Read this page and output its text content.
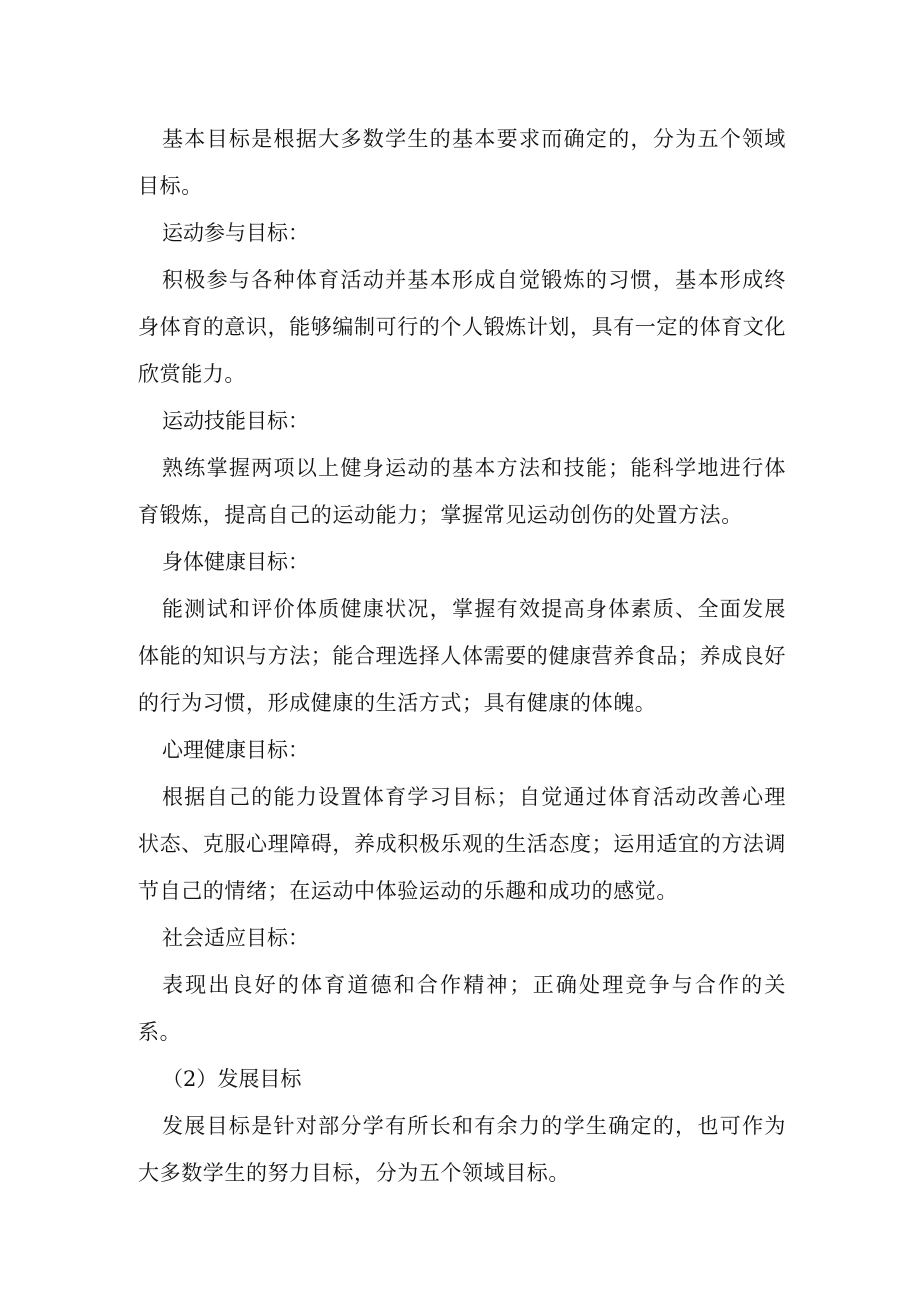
基本目标是根据大多数学生的基本要求而确定的，分为五个领域目标。

运动参与目标：

积极参与各种体育活动并基本形成自觉锻炼的习惯，基本形成终身体育的意识，能够编制可行的个人锻炼计划，具有一定的体育文化欣赏能力。

运动技能目标：

熟练掌握两项以上健身运动的基本方法和技能；能科学地进行体育锻炼，提高自己的运动能力；掌握常见运动创伤的处置方法。

身体健康目标：

能测试和评价体质健康状况，掌握有效提高身体素质、全面发展体能的知识与方法；能合理选择人体需要的健康营养食品；养成良好的行为习惯，形成健康的生活方式；具有健康的体魄。

心理健康目标：

根据自己的能力设置体育学习目标；自觉通过体育活动改善心理状态、克服心理障碍，养成积极乐观的生活态度；运用适宜的方法调节自己的情绪；在运动中体验运动的乐趣和成功的感觉。

社会适应目标：

表现出良好的体育道德和合作精神；正确处理竞争与合作的关系。

（2）发展目标

发展目标是针对部分学有所长和有余力的学生确定的，也可作为大多数学生的努力目标，分为五个领域目标。
